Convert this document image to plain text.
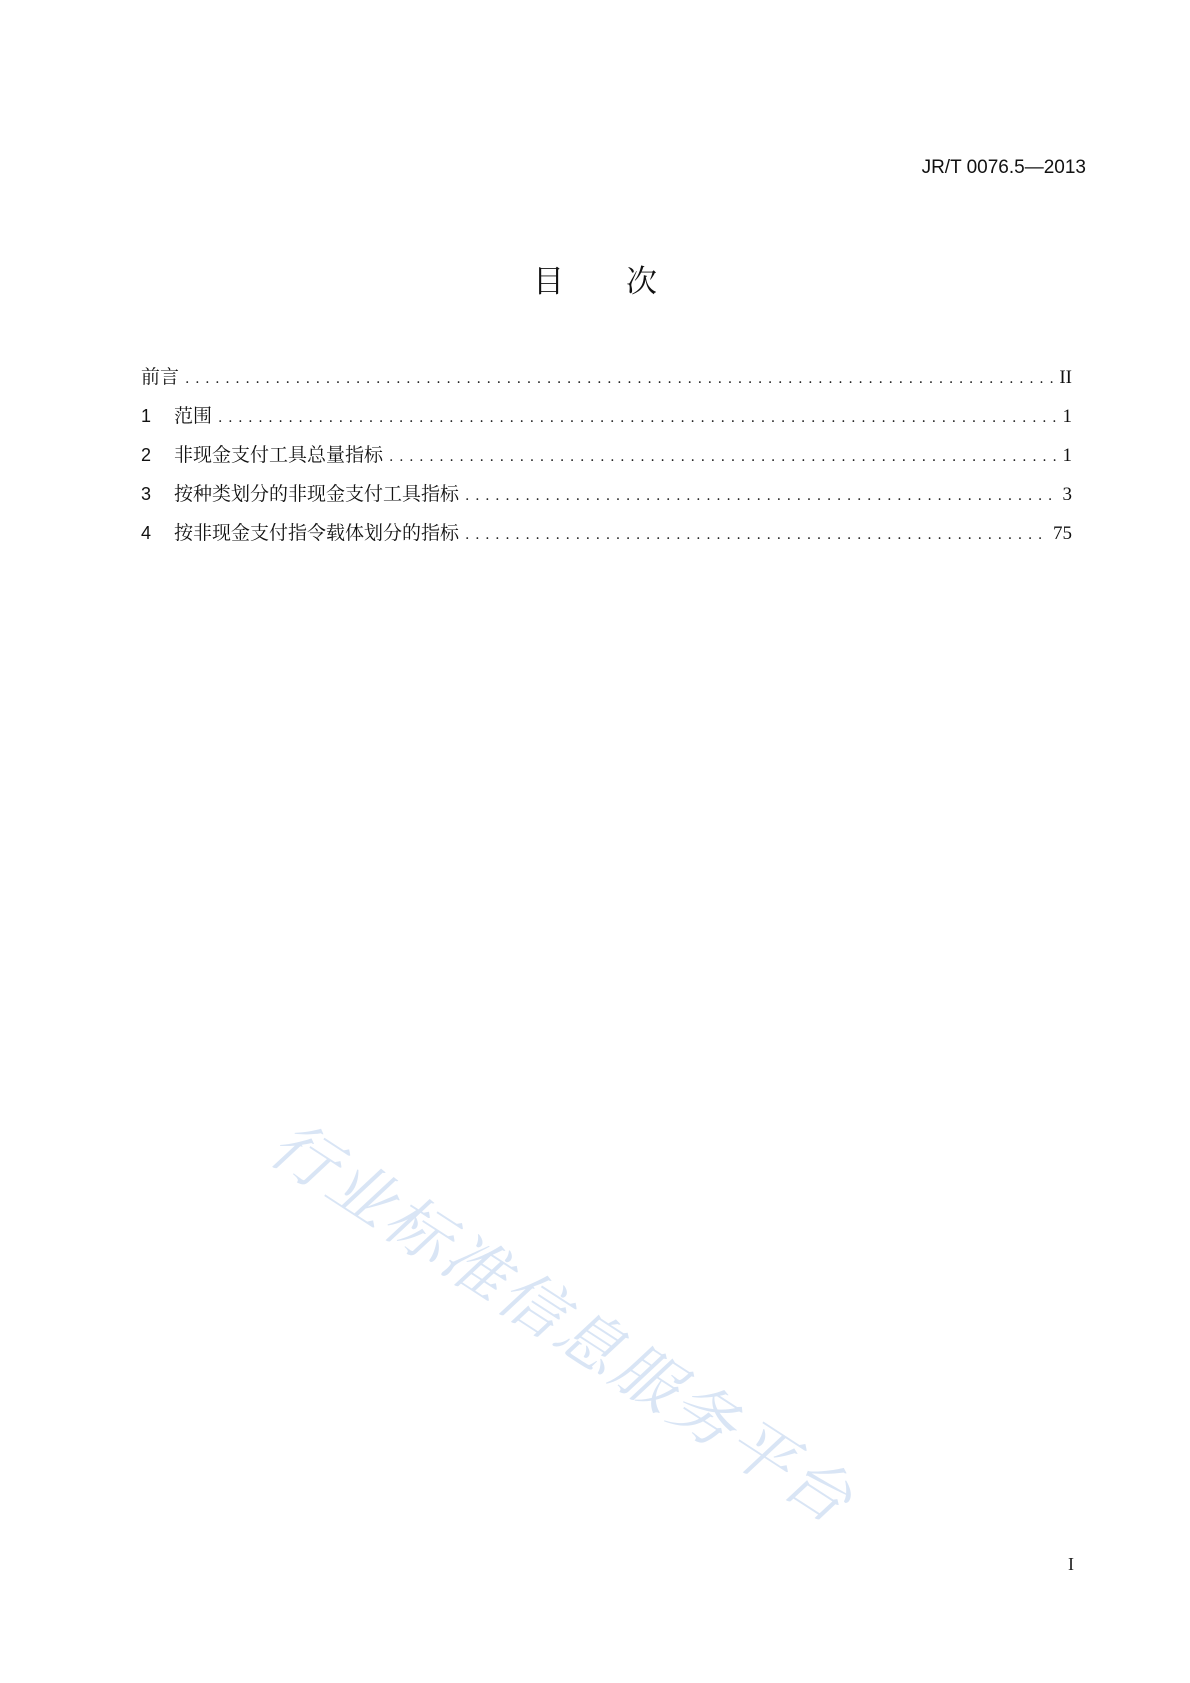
JR/T 0076.5—2013
目次
前言 .....	II
1	范围 .....	1
2	非现金支付工具总量指标 .....	1
3	按种类划分的非现金支付工具指标 .....	3
4	按非现金支付指令载体划分的指标 .....	75
行业标准信息服务平台
I
